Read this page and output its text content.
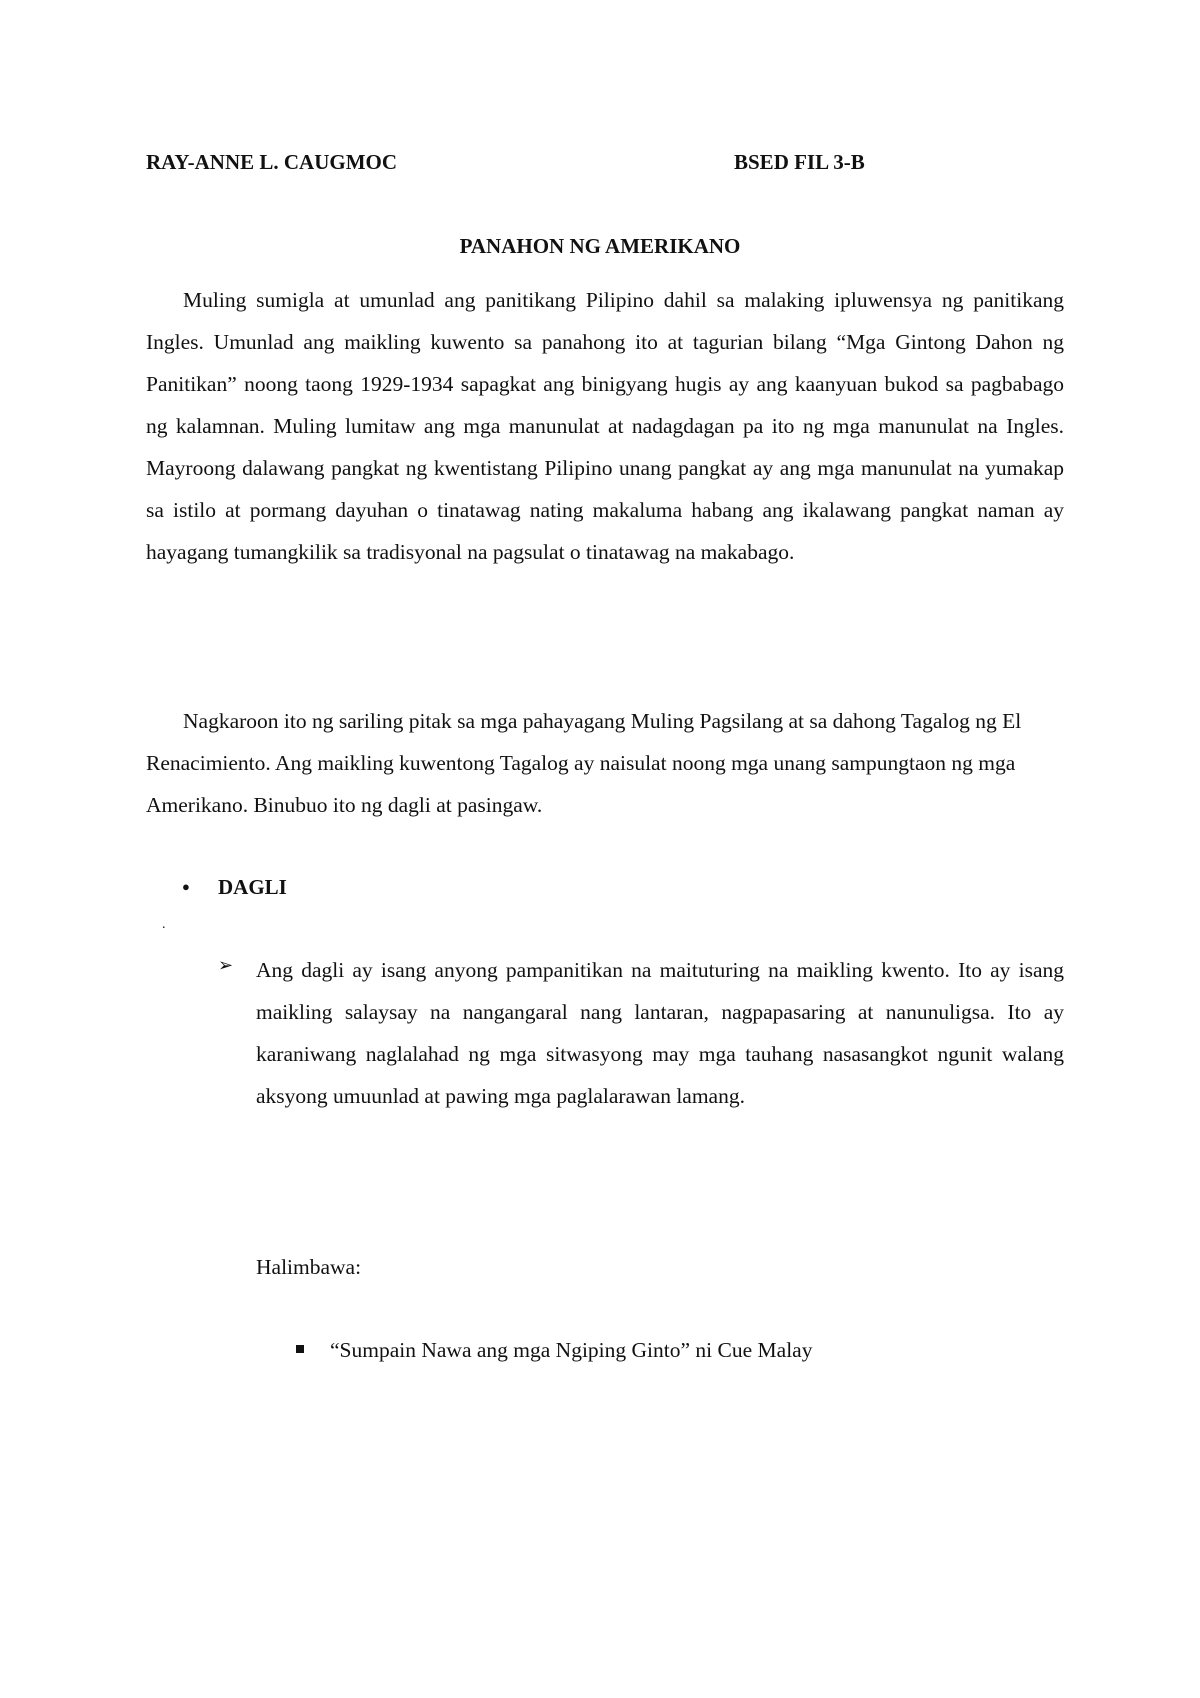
RAY-ANNE L. CAUGMOC	BSED FIL 3-B
PANAHON NG AMERIKANO

Muling sumigla at umunlad ang panitikang Pilipino dahil sa malaking ipluwensya ng panitikang Ingles. Umunlad ang maikling kuwento sa panahong ito at tagurian bilang “Mga Gintong Dahon ng Panitikan” noong taong 1929-1934 sapagkat ang binigyang hugis ay ang kaanyuan bukod sa pagbabago ng kalamnan. Muling lumitaw ang mga manunulat at nadagdagan pa ito ng mga manunulat na Ingles. Mayroong dalawang pangkat ng kwentistang Pilipino unang pangkat ay ang mga manunulat na yumakap sa istilo at pormang dayuhan o tinatawag nating makaluma habang ang ikalawang pangkat naman ay hayagang tumangkilik sa tradisyonal na pagsulat o tinatawag na makabago.

Nagkaroon ito ng sariling pitak sa mga pahayagang Muling Pagsilang at sa dahong Tagalog ng El Renacimiento. Ang maikling kuwentong Tagalog ay naisulat noong mga unang sampungtaon ng mga Amerikano. Binubuo ito ng dagli at pasingaw.

● DAGLI
.
➢ Ang dagli ay isang anyong pampanitikan na maituturing na maikling kwento. Ito ay isang maikling salaysay na nangangaral nang lantaran, nagpapasaring at nanunuligsa. Ito ay karaniwang naglalahad ng mga sitwasyong may mga tauhang nasasangkot ngunit walang aksyong umuunlad at pawing mga paglalarawan lamang.

Halimbawa:
“Sumpain Nawa ang mga Ngiping Ginto” ni Cue Malay
